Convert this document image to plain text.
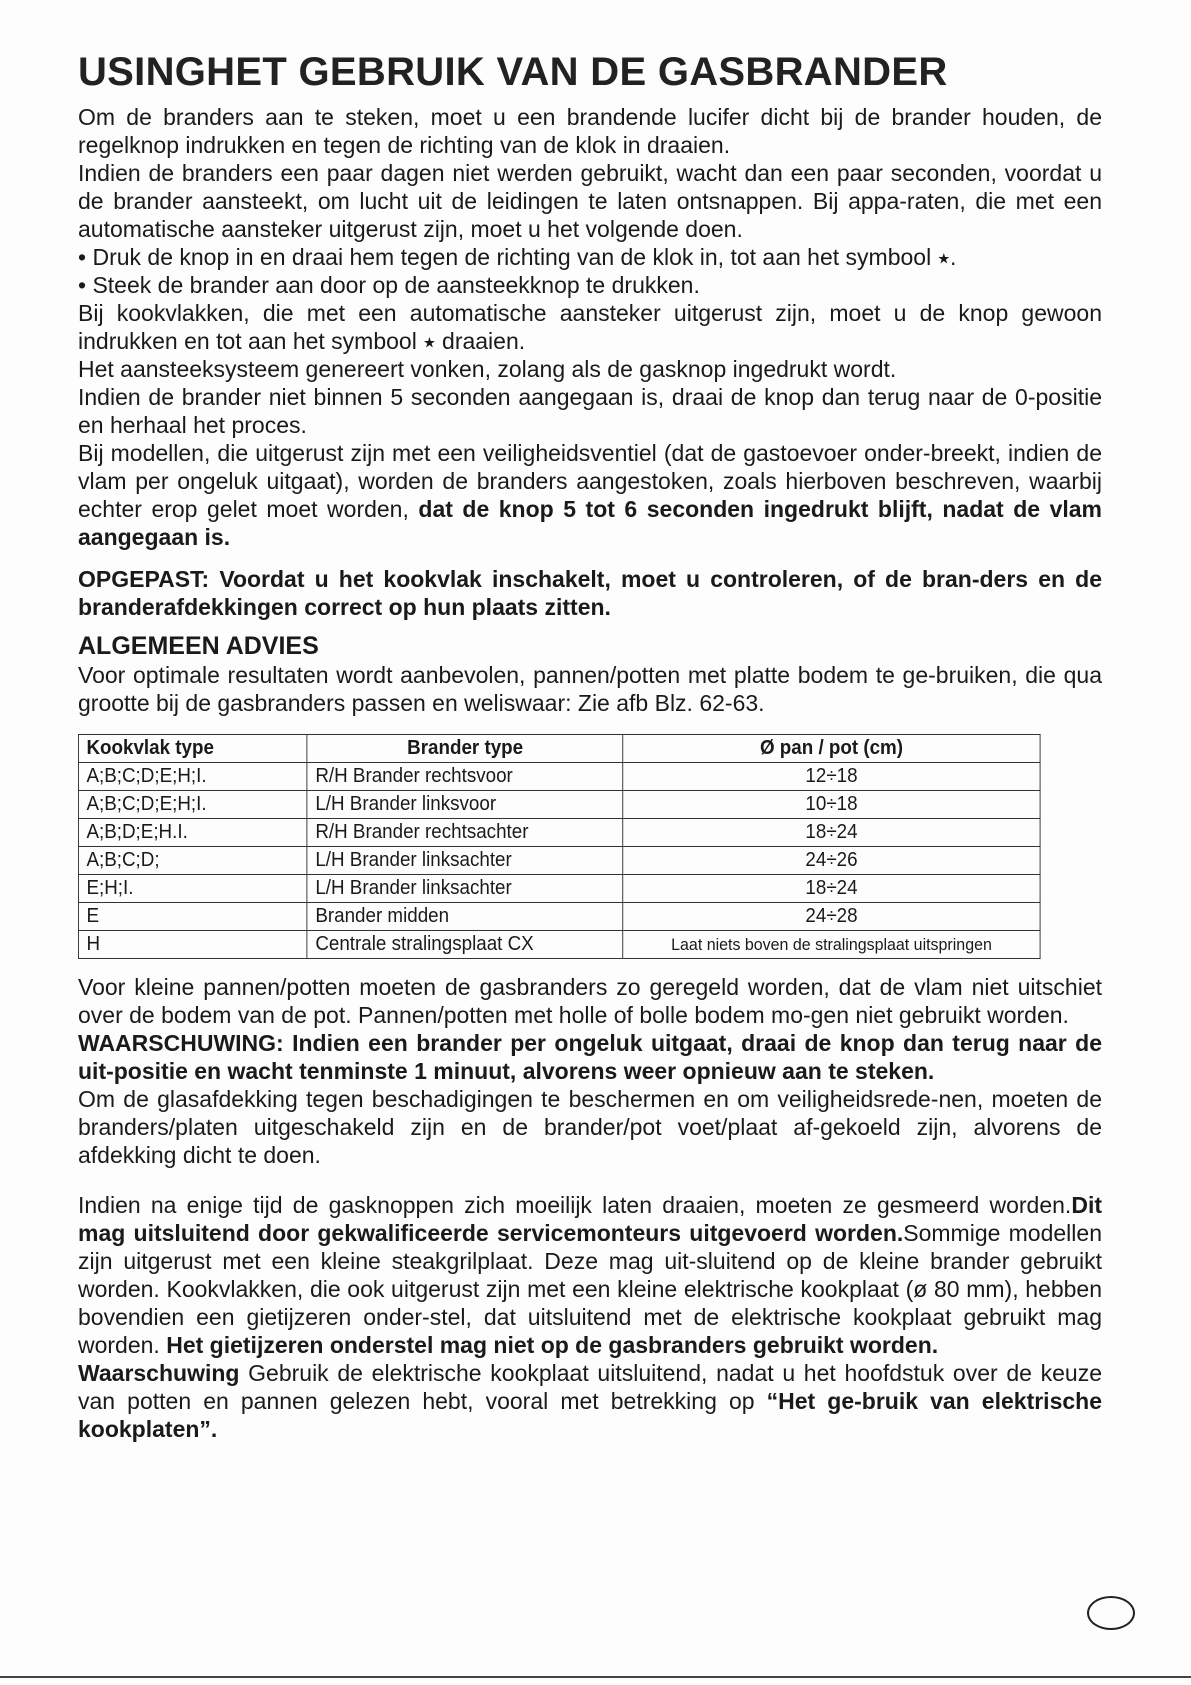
USINGHET GEBRUIK VAN DE GASBRANDER

Om de branders aan te steken, moet u een brandende lucifer dicht bij de brander houden, de regelknop indrukken en tegen de richting van de klok in draaien.

Indien de branders een paar dagen niet werden gebruikt, wacht dan een paar seconden, voordat u de brander aansteekt, om lucht uit de leidingen te laten ontsnappen. Bij appa-raten, die met een automatische aansteker uitgerust zijn, moet u het volgende doen.

• Druk de knop in en draai hem tegen de richting van de klok in, tot aan het symbool ⭑.

• Steek de brander aan door op de aansteekknop te drukken.

Bij kookvlakken, die met een automatische aansteker uitgerust zijn, moet u de knop gewoon indrukken en tot aan het symbool ⭑ draaien.

Het aansteeksysteem genereert vonken, zolang als de gasknop ingedrukt wordt.

Indien de brander niet binnen 5 seconden aangegaan is, draai de knop dan terug naar de 0-positie en herhaal het proces.

Bij modellen, die uitgerust zijn met een veiligheidsventiel (dat de gastoevoer onder-breekt, indien de vlam per ongeluk uitgaat), worden de branders aangestoken, zoals hierboven beschreven, waarbij echter erop gelet moet worden, dat de knop 5 tot 6 seconden ingedrukt blijft, nadat de vlam aangegaan is.

OPGEPAST: Voordat u het kookvlak inschakelt, moet u controleren, of de bran-ders en de branderafdekkingen correct op hun plaats zitten.

ALGEMEEN ADVIES

Voor optimale resultaten wordt aanbevolen, pannen/potten met platte bodem te ge-bruiken, die qua grootte bij de gasbranders passen en weliswaar: Zie afb Blz. 62-63.

Kookvlak type	Brander type	Ø pan / pot (cm)
A;B;C;D;E;H;I.	R/H Brander rechtsvoor	12÷18
A;B;C;D;E;H;I.	L/H Brander linksvoor	10÷18
A;B;D;E;H.I.	R/H Brander rechtsachter	18÷24
A;B;C;D;	L/H Brander linksachter	24÷26
E;H;I.	L/H Brander linksachter	18÷24
E	Brander midden	24÷28
H	Centrale stralingsplaat CX	Laat niets boven de stralingsplaat uitspringen

Voor kleine pannen/potten moeten de gasbranders zo geregeld worden, dat de vlam niet uitschiet over de bodem van de pot. Pannen/potten met holle of bolle bodem mo-gen niet gebruikt worden.

WAARSCHUWING: Indien een brander per ongeluk uitgaat, draai de knop dan terug naar de uit-positie en wacht tenminste 1 minuut, alvorens weer opnieuw aan te steken.

Om de glasafdekking tegen beschadigingen te beschermen en om veiligheidsrede-nen, moeten de branders/platen uitgeschakeld zijn en de brander/pot voet/plaat af-gekoeld zijn, alvorens de afdekking dicht te doen.

Indien na enige tijd de gasknoppen zich moeilijk laten draaien, moeten ze gesmeerd worden.Dit mag uitsluitend door gekwalificeerde servicemonteurs uitgevoerd worden.Sommige modellen zijn uitgerust met een kleine steakgrilplaat. Deze mag uit-sluitend op de kleine brander gebruikt worden. Kookvlakken, die ook uitgerust zijn met een kleine elektrische kookplaat (ø 80 mm), hebben bovendien een gietijzeren onder-stel, dat uitsluitend met de elektrische kookplaat gebruikt mag worden. Het gietijzeren onderstel mag niet op de gasbranders gebruikt worden.

Waarschuwing Gebruik de elektrische kookplaat uitsluitend, nadat u het hoofdstuk over de keuze van potten en pannen gelezen hebt, vooral met betrekking op “Het ge-bruik van elektrische kookplaten”.
